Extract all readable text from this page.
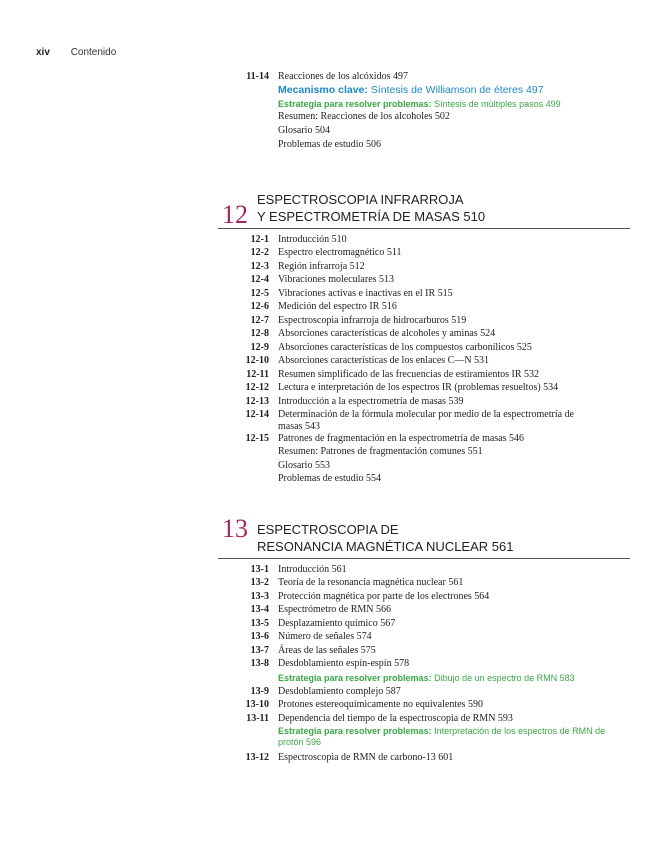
xiv Contenido
11-14 Reacciones de los alcóxidos 497
Mecanismo clave: Síntesis de Williamson de éteres 497
Estrategia para resolver problemas: Síntesis de múltiples pasos 499
Resumen: Reacciones de los alcoholes 502
Glosario 504
Problemas de estudio 506
12
ESPECTROSCOPIA INFRARROJA
Y ESPECTROMETRÍA DE MASAS 510
12-1 Introducción 510
12-2 Espectro electromagnético 511
12-3 Región infrarroja 512
12-4 Vibraciones moleculares 513
12-5 Vibraciones activas e inactivas en el IR 515
12-6 Medición del espectro IR 516
12-7 Espectroscopia infrarroja de hidrocarburos 519
12-8 Absorciones características de alcoholes y aminas 524
12-9 Absorciones características de los compuestos carbonílicos 525
12-10 Absorciones características de los enlaces C—N 531
12-11 Resumen simplificado de las frecuencias de estiramientos IR 532
12-12 Lectura e interpretación de los espectros IR (problemas resueltos) 534
12-13 Introducción a la espectrometría de masas 539
12-14 Determinación de la fórmula molecular por medio de la espectrometría de masas 543
12-15 Patrones de fragmentación en la espectrometría de masas 546
Resumen: Patrones de fragmentación comunes 551
Glosario 553
Problemas de estudio 554
13 ESPECTROSCOPIA DE
RESONANCIA MAGNÉTICA NUCLEAR 561
13-1 Introducción 561
13-2 Teoría de la resonancia magnética nuclear 561
13-3 Protección magnética por parte de los electrones 564
13-4 Espectrómetro de RMN 566
13-5 Desplazamiento químico 567
13-6 Número de señales 574
13-7 Áreas de las señales 575
13-8 Desdoblamiento espín-espín 578
Estrategia para resolver problemas: Dibujo de un espectro de RMN 583
13-9 Desdoblamiento complejo 587
13-10 Protones estereoquímicamente no equivalentes 590
13-11 Dependencia del tiempo de la espectroscopia de RMN 593
Estrategia para resolver problemas: Interpretación de los espectros de RMN de protón 596
13-12 Espectroscopia de RMN de carbono-13 601
